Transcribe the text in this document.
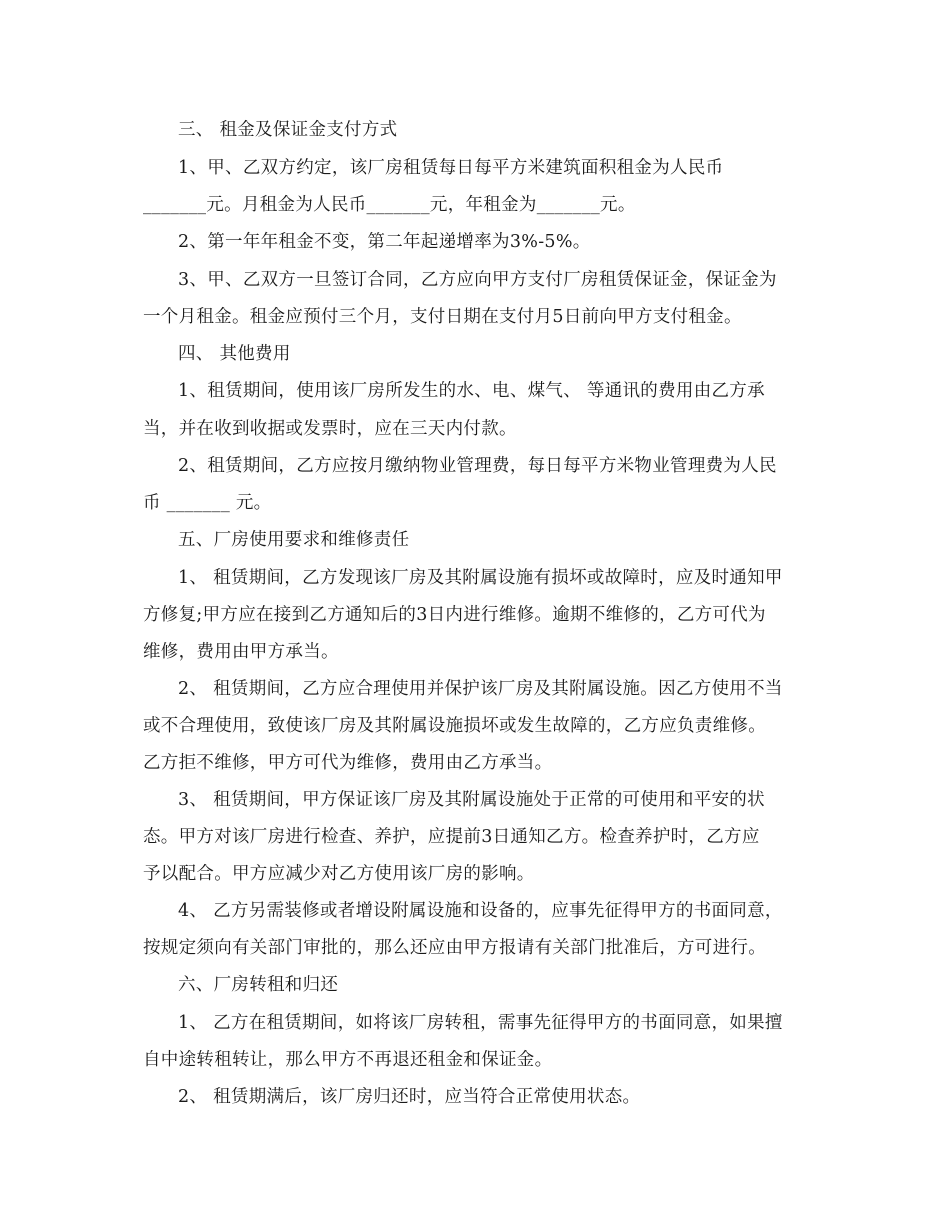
三、 租金及保证金支付方式
1、甲、乙双方约定，该厂房租赁每日每平方米建筑面积租金为人民币
_______元。月租金为人民币_______元，年租金为_______元。
2、第一年年租金不变，第二年起递增率为3%-5%。
3、甲、乙双方一旦签订合同，乙方应向甲方支付厂房租赁保证金，保证金为
一个月租金。租金应预付三个月，支付日期在支付月5日前向甲方支付租金。
四、 其他费用
1、租赁期间，使用该厂房所发生的水、电、煤气、 等通讯的费用由乙方承
当，并在收到收据或发票时，应在三天内付款。
2、租赁期间，乙方应按月缴纳物业管理费，每日每平方米物业管理费为人民
币 _______ 元。
五、厂房使用要求和维修责任
1、 租赁期间，乙方发现该厂房及其附属设施有损坏或故障时，应及时通知甲
方修复;甲方应在接到乙方通知后的3日内进行维修。逾期不维修的，乙方可代为
维修，费用由甲方承当。
2、 租赁期间，乙方应合理使用并保护该厂房及其附属设施。因乙方使用不当
或不合理使用，致使该厂房及其附属设施损坏或发生故障的，乙方应负责维修。
乙方拒不维修，甲方可代为维修，费用由乙方承当。
3、 租赁期间，甲方保证该厂房及其附属设施处于正常的可使用和平安的状
态。甲方对该厂房进行检查、养护，应提前3日通知乙方。检查养护时，乙方应
予以配合。甲方应减少对乙方使用该厂房的影响。
4、 乙方另需装修或者增设附属设施和设备的，应事先征得甲方的书面同意，
按规定须向有关部门审批的，那么还应由甲方报请有关部门批准后，方可进行。
六、厂房转租和归还
1、 乙方在租赁期间，如将该厂房转租，需事先征得甲方的书面同意，如果擅
自中途转租转让，那么甲方不再退还租金和保证金。
2、 租赁期满后，该厂房归还时，应当符合正常使用状态。
